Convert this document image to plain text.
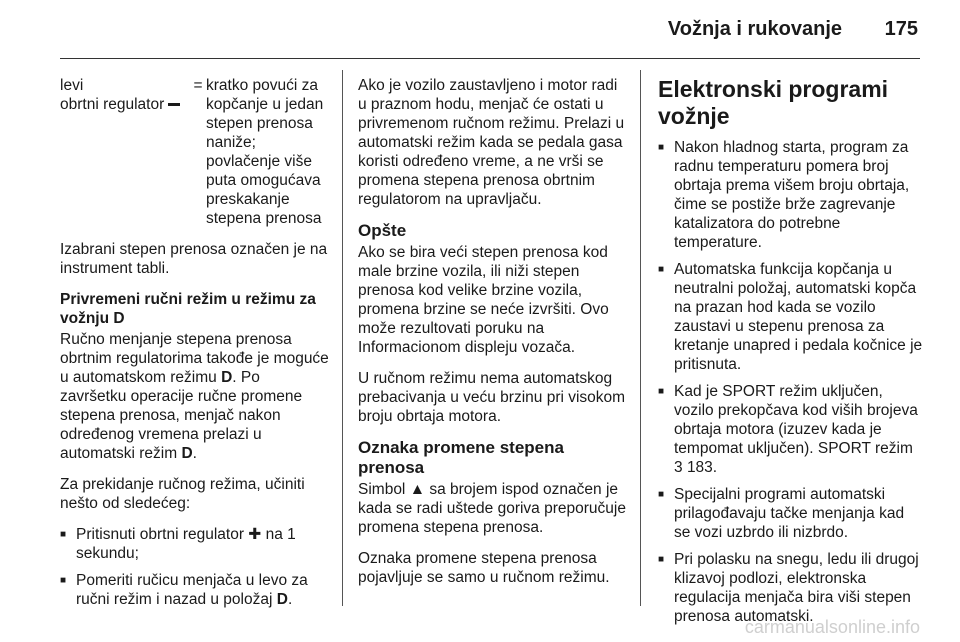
Vožnja i rukovanje 175
levi
obrtni regulator
= kratko povući za kopčanje u jedan stepen prenosa naniže; povlačenje više puta omogućava preskakanje stepena prenosa

Izabrani stepen prenosa označen je na instrument tabli.

Privremeni ručni režim u režimu za vožnju D

Ručno menjanje stepena prenosa obrtnim regulatorima takođe je moguće u automatskom režimu D. Po završetku operacije ručne promene stepena prenosa, menjač nakon određenog vremena prelazi u automatski režim D.

Za prekidanje ručnog režima, učiniti nešto od sledećeg:

■ Pritisnuti obrtni regulator ✚ na 1 sekundu;
■ Pomeriti ručicu menjača u levo za ručni režim i nazad u položaj D.

Ako je vozilo zaustavljeno i motor radi u praznom hodu, menjač će ostati u privremenom ručnom režimu. Prelazi u automatski režim kada se pedala gasa koristi određeno vreme, a ne vrši se promena stepena prenosa obrtnim regulatorom na upravljaču.

Opšte

Ako se bira veći stepen prenosa kod male brzine vozila, ili niži stepen prenosa kod velike brzine vozila, promena brzine se neće izvršiti. Ovo može rezultovati poruku na Informacionom displeju vozača.

U ručnom režimu nema automatskog prebacivanja u veću brzinu pri visokom broju obrtaja motora.

Oznaka promene stepena prenosa

Simbol ▲ sa brojem ispod označen je kada se radi uštede goriva preporučuje promena stepena prenosa.

Oznaka promene stepena prenosa pojavljuje se samo u ručnom režimu.

Elektronski programi vožnje
■ Nakon hladnog starta, program za radnu temperaturu pomera broj obrtaja prema višem broju obrtaja, čime se postiže brže zagrevanje katalizatora do potrebne temperature.
■ Automatska funkcija kopčanja u neutralni položaj, automatski kopča na prazan hod kada se vozilo zaustavi u stepenu prenosa za kretanje unapred i pedala kočnice je pritisnuta.
■ Kad je SPORT režim uključen, vozilo prekopčava kod viših brojeva obrtaja motora (izuzev kada je tempomat uključen). SPORT režim
3 183.
■ Specijalni programi automatski prilagođavaju tačke menjanja kad se vozi uzbrdo ili nizbrdo.
■ Pri polasku na snegu, ledu ili drugoj klizavoj podlozi, elektronska regulacija menjača bira viši stepen prenosa automatski.
carmanualsonline.info
